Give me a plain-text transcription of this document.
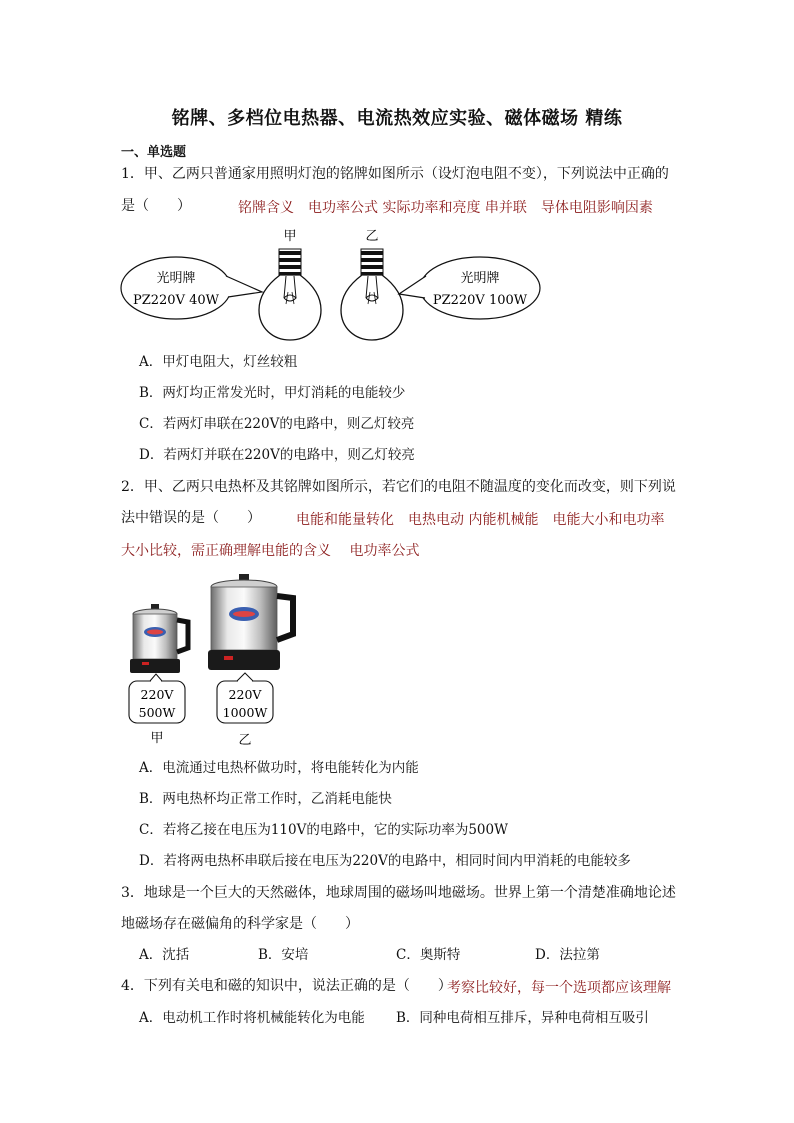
铭牌、多档位电热器、电流热效应实验、磁体磁场 精练
一、单选题
1．甲、乙两只普通家用照明灯泡的铭牌如图所示（设灯泡电阻不变），下列说法中正确的
是（　　）	铭牌含义　电功率公式 实际功率和亮度 串并联　导体电阻影响因素
甲	乙
光明牌
PZ220V 40W
光明牌
PZ220V 100W
A．甲灯电阻大，灯丝较粗
B．两灯均正常发光时，甲灯消耗的电能较少
C．若两灯串联在220V的电路中，则乙灯较亮
D．若两灯并联在220V的电路中，则乙灯较亮
2．甲、乙两只电热杯及其铭牌如图所示，若它们的电阻不随温度的变化而改变，则下列说
法中错误的是（　　）	电能和能量转化　电热电动 内能机械能　电能大小和电功率
大小比较，需正确理解电能的含义　 电功率公式
220V
500W
甲
220V
1000W
乙
A．电流通过电热杯做功时，将电能转化为内能
B．两电热杯均正常工作时，乙消耗电能快
C．若将乙接在电压为110V的电路中，它的实际功率为500W
D．若将两电热杯串联后接在电压为220V的电路中，相同时间内甲消耗的电能较多
3．地球是一个巨大的天然磁体，地球周围的磁场叫地磁场。世界上第一个清楚准确地论述
地磁场存在磁偏角的科学家是（　　）
A．沈括	B．安培	C．奥斯特	D．法拉第
4．下列有关电和磁的知识中，说法正确的是（　　）
考察比较好，每一个选项都应该理解
A．电动机工作时将机械能转化为电能 B．同种电荷相互排斥，异种电荷相互吸引
